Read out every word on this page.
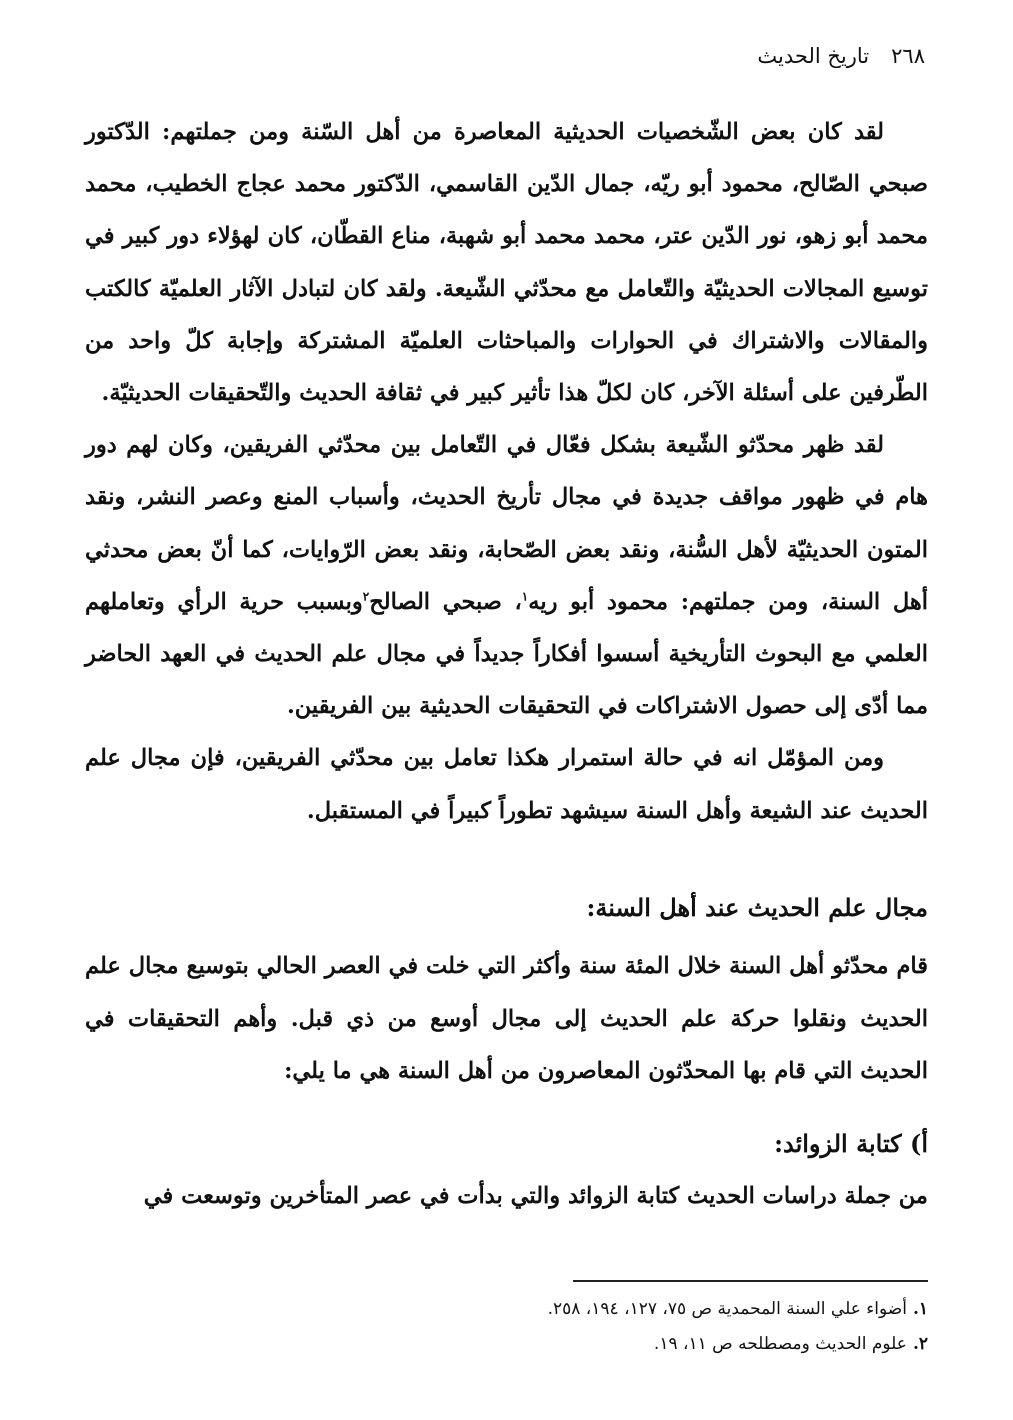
٢٦٨
تاريخ الحديث

لقد كان بعض الشّخصيات الحديثية المعاصرة من أهل السّنة ومن جملتهم: الدّكتور صبحي الصّالح، محمود أبو ريّه، جمال الدّين القاسمي، الدّكتور محمد عجاج الخطيب، محمد محمد أبو زهو، نور الدّين عتر، محمد محمد أبو شهبة، مناع القطّان، كان لهؤلاء دور كبير في توسيع المجالات الحديثيّة والتّعامل مع محدّثي الشّيعة. ولقد كان لتبادل الآثار العلميّة كالكتب والمقالات والاشتراك في الحوارات والمباحثات العلميّة المشتركة وإجابة كلّ واحد من الطّرفين على أسئلة الآخر، كان لكلّ هذا تأثير كبير في ثقافة الحديث والتّحقيقات الحديثيّة.

لقد ظهر محدّثو الشّيعة بشكل فعّال في التّعامل بين محدّثي الفريقين، وكان لهم دور هام في ظهور مواقف جديدة في مجال تأريخ الحديث، وأسباب المنع وعصر النشر، ونقد المتون الحديثيّة لأهل السُّنة، ونقد بعض الصّحابة، ونقد بعض الرّوايات، كما أنّ بعض محدثي أهل السنة، ومن جملتهم: محمود أبو ريه$^١$، صبحي الصالح$^٢$وبسبب حرية الرأي وتعاملهم العلمي مع البحوث التأريخية أسسوا أفكاراً جديداً في مجال علم الحديث في العهد الحاضر مما أدّى إلى حصول الاشتراكات في التحقيقات الحديثية بين الفريقين.

ومن المؤمّل انه في حالة استمرار هكذا تعامل بين محدّثي الفريقين، فإن مجال علم الحديث عند الشيعة وأهل السنة سيشهد تطوراً كبيراً في المستقبل.

مجال علم الحديث عند أهل السنة:
قام محدّثو أهل السنة خلال المئة سنة وأكثر التي خلت في العصر الحالي بتوسيع مجال علم الحديث ونقلوا حركة علم الحديث إلى مجال أوسع من ذي قبل. وأهم التحقيقات في الحديث التي قام بها المحدّثون المعاصرون من أهل السنة هي ما يلي:
أ) كتابة الزوائد:
من جملة دراسات الحديث كتابة الزوائد والتي بدأت في عصر المتأخرين وتوسعت في

١.أضواء علي السنة المحمدية ص ٧٥، ١٢٧، ١٩٤، ٢٥٨.

٢.علوم الحديث ومصطلحه ص ١١، ١٩.
